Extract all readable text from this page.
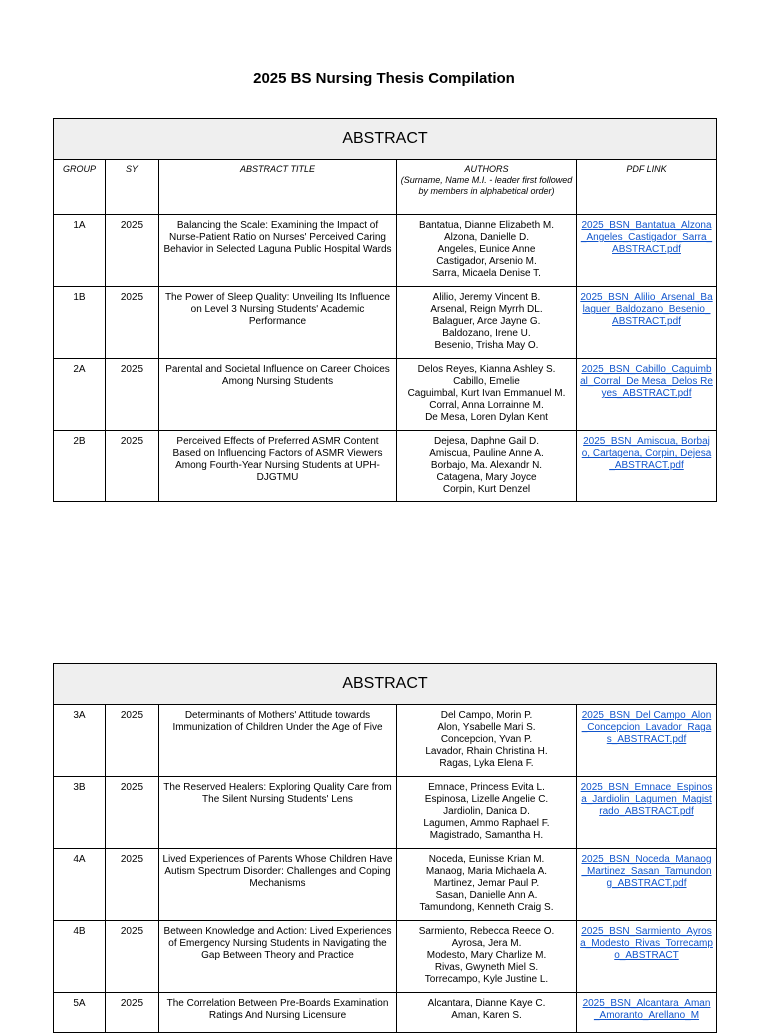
2025 BS Nursing Thesis Compilation
ABSTRACT				
GROUP	SY	ABSTRACT TITLE	AUTHORS
(Surname, Name M.I. - leader first followed by members in alphabetical order)	PDF LINK
1A	2025	Balancing the Scale: Examining the Impact of Nurse-Patient Ratio on Nurses' Perceived Caring Behavior in Selected Laguna Public Hospital Wards	Bantatua, Dianne Elizabeth M.
Alzona, Danielle D.
Angeles, Eunice Anne
Castigador, Arsenio M.
Sarra, Micaela Denise T.	2025_BSN_Bantatua_Alzona_Angeles_Castigador_Sarra_ABSTRACT.pdf
1B	2025	The Power of Sleep Quality: Unveiling Its Influence on Level 3 Nursing Students' Academic Performance	Alilio, Jeremy Vincent B.
Arsenal, Reign Myrrh DL.
Balaguer, Arce Jayne G.
Baldozano, Irene U.
Besenio, Trisha May O.	2025_BSN_Alilio_Arsenal_Balaguer_Baldozano_Besenio_ABSTRACT.pdf
2A	2025	Parental and Societal Influence on Career Choices Among Nursing Students	Delos Reyes, Kianna Ashley S.
Cabillo, Emelie
Caguimbal, Kurt Ivan Emmanuel M.
Corral, Anna Lorrainne M.
De Mesa, Loren Dylan Kent	2025_BSN_Cabillo_Caguimbal_Corral_De Mesa_Delos Reyes_ABSTRACT.pdf
2B	2025	Perceived Effects of Preferred ASMR Content Based on Influencing Factors of ASMR Viewers Among Fourth-Year Nursing Students at UPH-DJGTMU	Dejesa, Daphne Gail D.
Amiscua, Pauline Anne A.
Borbajo, Ma. Alexandr N.
Catagena, Mary Joyce
Corpin, Kurt Denzel	2025_BSN_Amiscua, Borbajo, Cartagena, Corpin, Dejesa_ABSTRACT.pdf
ABSTRACT				
3A	2025	Determinants of Mothers' Attitude towards Immunization of Children Under the Age of Five	Del Campo, Morin P.
Alon, Ysabelle Mari S.
Concepcion, Yvan P.
Lavador, Rhain Christina H.
Ragas, Lyka Elena F.	2025_BSN_Del Campo_Alon_Concepcion_Lavador_Ragas_ABSTRACT.pdf
3B	2025	The Reserved Healers: Exploring Quality Care from The Silent Nursing Students' Lens	Emnace, Princess Evita L.
Espinosa, Lizelle Angelie C.
Jardiolin, Danica D.
Lagumen, Ammo Raphael F.
Magistrado, Samantha H.	2025_BSN_Emnace_Espinosa_Jardiolin_Lagumen_Magistrado_ABSTRACT.pdf
4A	2025	Lived Experiences of Parents Whose Children Have Autism Spectrum Disorder: Challenges and Coping Mechanisms	Noceda, Eunisse Krian M.
Manaog, Maria Michaela A.
Martinez, Jemar Paul P.
Sasan, Danielle Ann A.
Tamundong, Kenneth Craig S.	2025_BSN_Noceda_Manaog_Martinez_Sasan_Tamundong_ABSTRACT.pdf
4B	2025	Between Knowledge and Action: Lived Experiences of Emergency Nursing Students in Navigating the Gap Between Theory and Practice	Sarmiento, Rebecca Reece O.
Ayrosa, Jera M.
Modesto, Mary Charlize M.
Rivas, Gwyneth Miel S.
Torrecampo, Kyle Justine L.	2025_BSN_Sarmiento_Ayrosa_Modesto_Rivas_Torrecampo_ABSTRACT
5A	2025	The Correlation Between Pre-Boards Examination Ratings And Nursing Licensure	Alcantara, Dianne Kaye C.
Aman, Karen S.	2025_BSN_Alcantara_Aman_Amoranto_Arellano_M
